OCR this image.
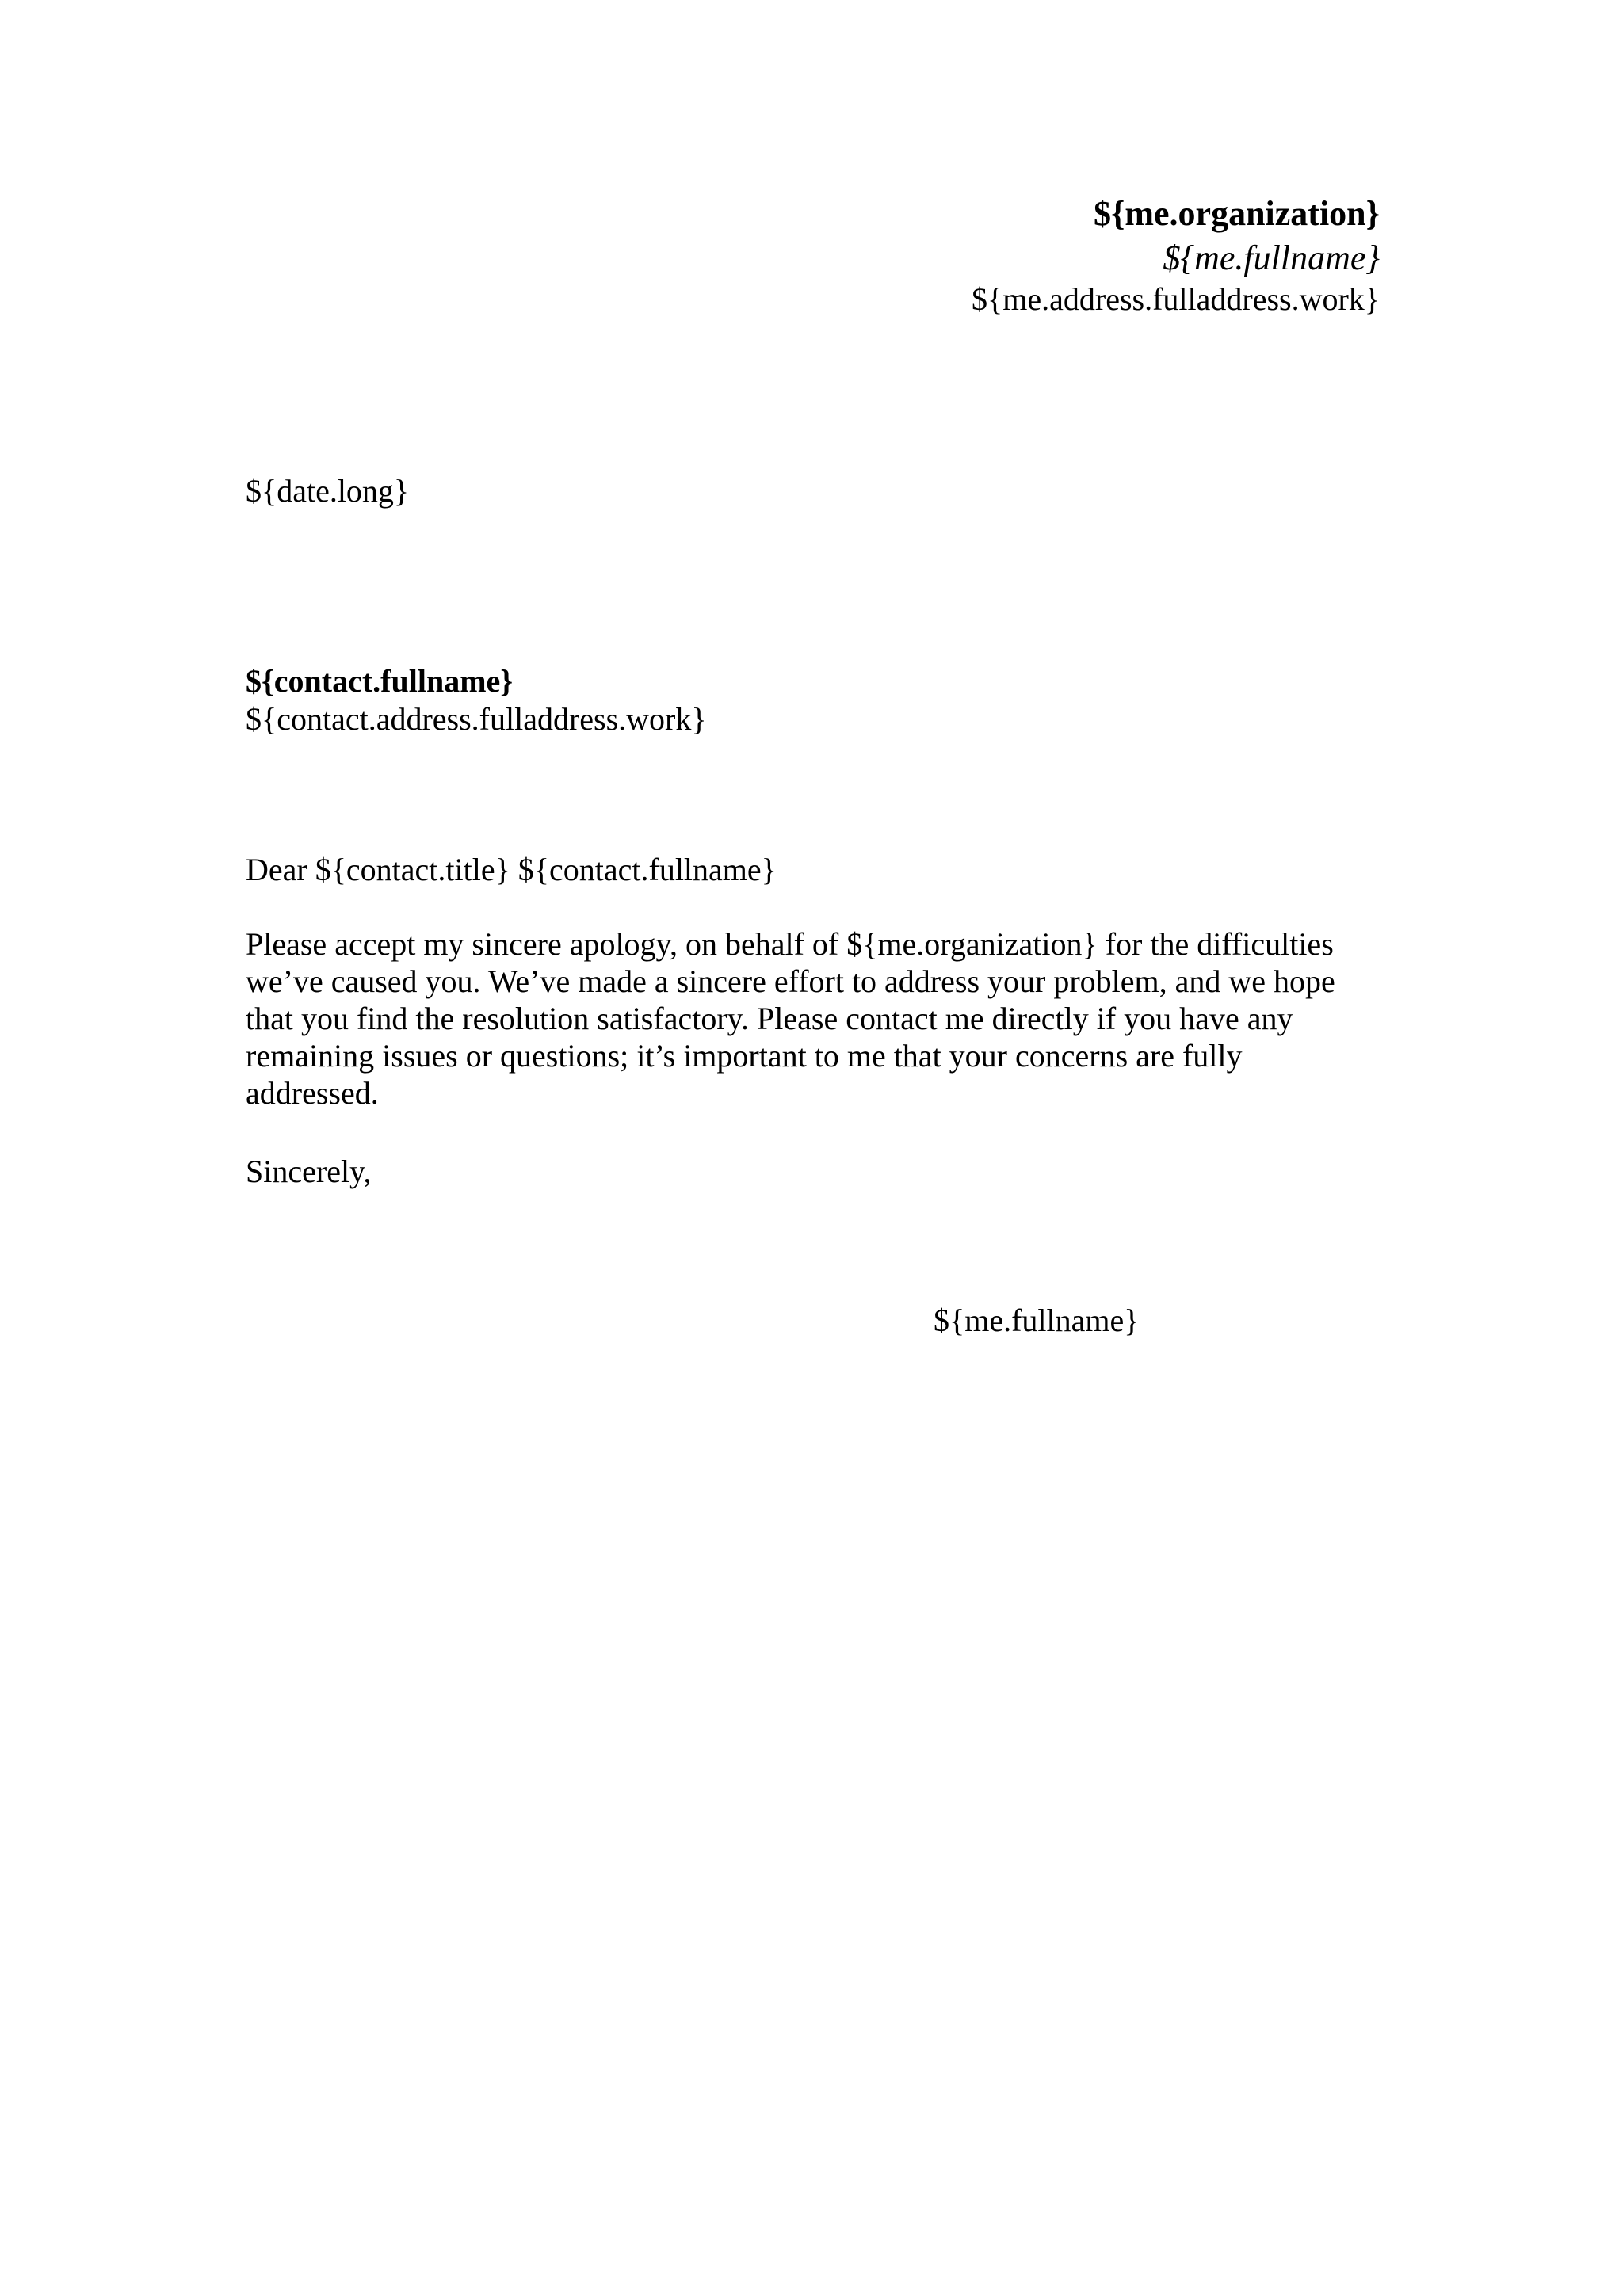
${me.organization}
${me.fullname}
${me.address.fulladdress.work}
${date.long}
${contact.fullname}
${contact.address.fulladdress.work}
Dear ${contact.title} ${contact.fullname}
Please accept my sincere apology, on behalf of ${me.organization} for the difficulties
we’ve caused you. We’ve made a sincere effort to address your problem, and we hope
that you find the resolution satisfactory. Please contact me directly if you have any
remaining issues or questions; it’s important to me that your concerns are fully
addressed.
Sincerely,
${me.fullname}
